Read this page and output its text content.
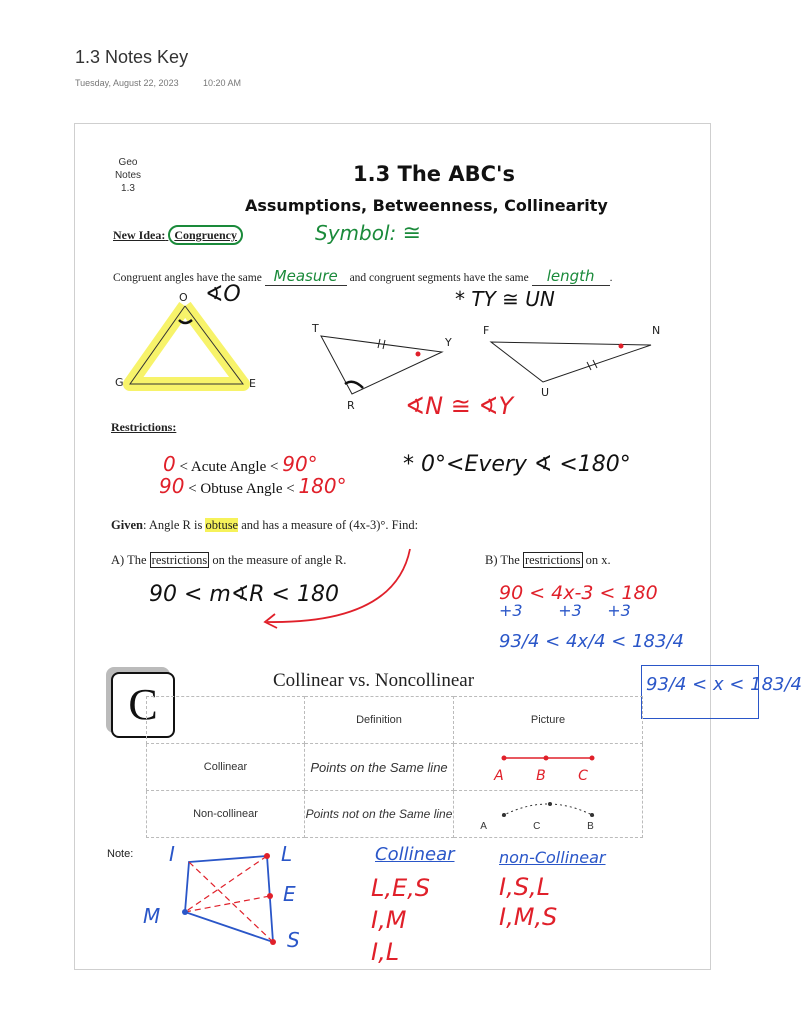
1.3 Notes Key
Tuesday, August 22, 2023	10:20 AM
Geo
Notes
1.3
1.3 The ABC's
Assumptions, Betweenness, Collinearity
New Idea: Congruency	Symbol: ≅
Congruent angles have the same Measure and congruent segments have the same length .
O
G	E
T
Y
R
F	N
U
∢O	* TY ≅ UN
∢N ≅ ∢Y
Restrictions:
0 < Acute Angle < 90°
90 < Obtuse Angle < 180°
* 0°<Every ∢ <180°
Given: Angle R is obtuse and has a measure of (4x-3)°. Find:
A) The restrictions on the measure of angle R.	B) The restrictions on x.
90 < m∢R < 180	90 < 4x-3 < 180
+3       +3     +3
93/4 < 4x/4 < 183/4
93/4 < x < 183/4
C	Collinear vs. Noncollinear
	Definition	Picture
Collinear	Points on the Same line	A B C

Non-collinear	Points not on the Same line	A C B
Note: I	L
E
S
M
Collinear
L,E,S
I,M
I,L
non-Collinear
I,S,L
I,M,S
